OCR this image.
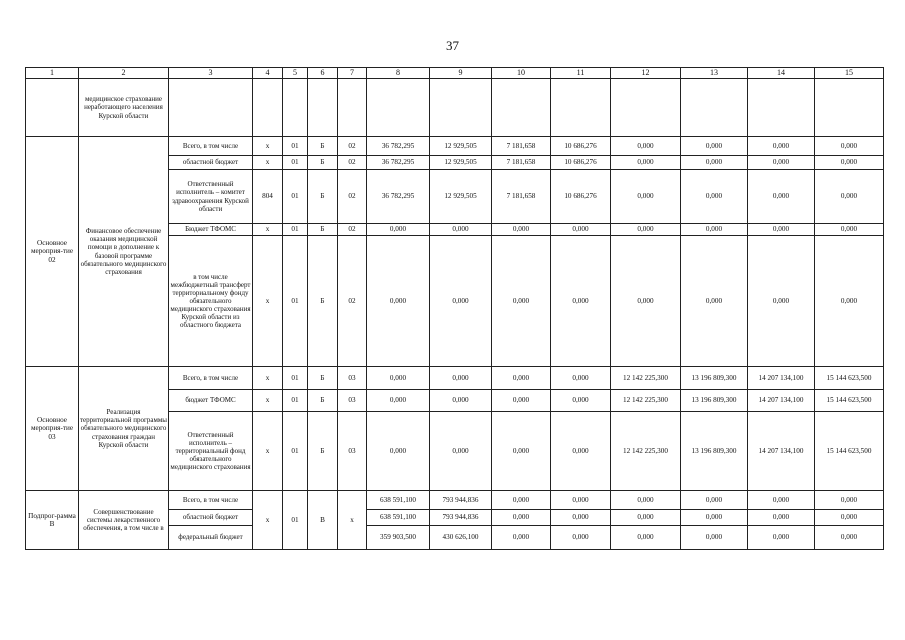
37
1	2	3	4	5	6	7	8	9	10	11	12	13	14	15
	медицинское страхование неработающего населения Курской области													
Основное мероприя-тие 02	Финансовое обеспечение оказания медицинской помощи в дополнение к базовой программе обязательного медицинского страхования	Всего, в том числе	x	01	Б	02	36 782,295	12 929,505	7 181,658	10 686,276	0,000	0,000	0,000	0,000
		областной бюджет	x	01	Б	02	36 782,295	12 929,505	7 181,658	10 686,276	0,000	0,000	0,000	0,000
		Ответственный исполнитель – комитет здравоохранения Курской области	804	01	Б	02	36 782,295	12 929,505	7 181,658	10 686,276	0,000	0,000	0,000	0,000
		Бюджет ТФОМС	x	01	Б	02	0,000	0,000	0,000	0,000	0,000	0,000	0,000	0,000
		в том числе межбюджетный трансферт территориальному фонду обязательного медицинского страхования Курской области из областного бюджета	x	01	Б	02	0,000	0,000	0,000	0,000	0,000	0,000	0,000	0,000
Основное мероприя-тие 03	Реализация территориальной программы обязательного медицинского страхования граждан Курской области	Всего, в том числе	x	01	Б	03	0,000	0,000	0,000	0,000	12 142 225,300	13 196 809,300	14 207 134,100	15 144 623,500
		бюджет ТФОМС	x	01	Б	03	0,000	0,000	0,000	0,000	12 142 225,300	13 196 809,300	14 207 134,100	15 144 623,500
		Ответственный исполнитель – территориальный фонд обязательного медицинского страхования	x	01	Б	03	0,000	0,000	0,000	0,000	12 142 225,300	13 196 809,300	14 207 134,100	15 144 623,500
Подпрог-рамма В	Совершенствование системы лекарственного обеспечения, в том числе в	Всего, в том числе	x	01	В	x	638 591,100	793 944,836	0,000	0,000	0,000	0,000	0,000	0,000
		областной бюджет					638 591,100	793 944,836	0,000	0,000	0,000	0,000	0,000	0,000
		федеральный бюджет					359 903,500	430 626,100	0,000	0,000	0,000	0,000	0,000	0,000
